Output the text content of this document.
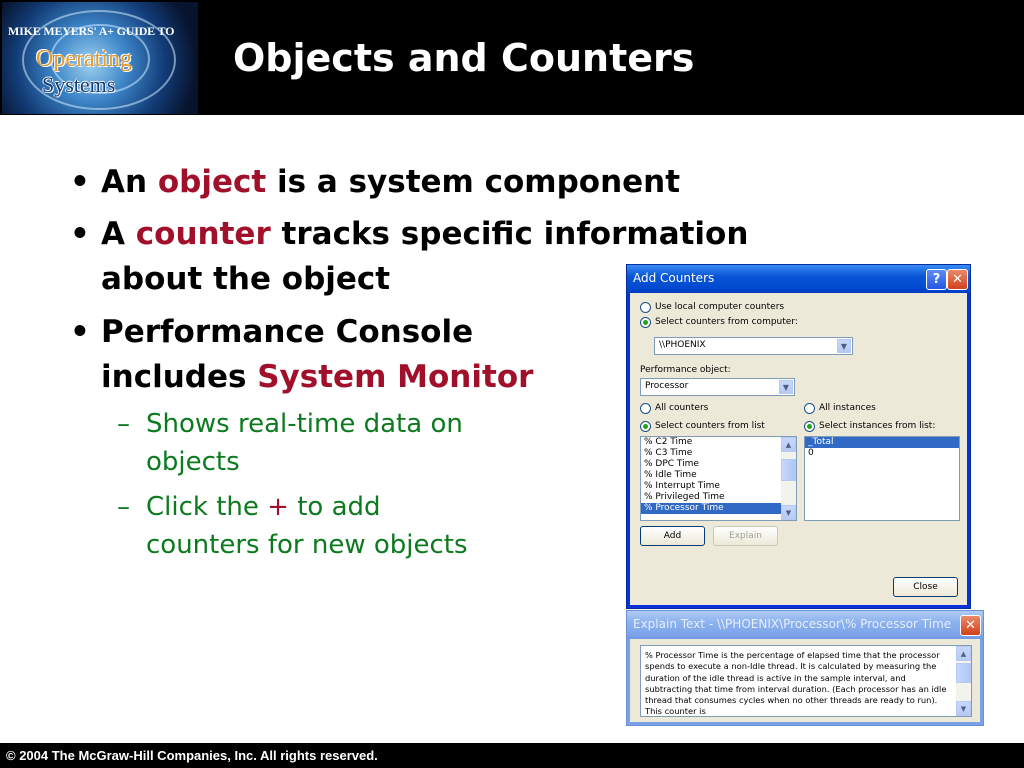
MIKE MEYERS' A+ GUIDE TO
Operating
Systems
Objects and Counters
• An object is a system component
• A counter tracks specific information
about the object
• Performance Console
includes System Monitor
– Shows real-time data on
objects
– Click the + to add
counters for new objects
Add Counters	? ✕
Use local computer counters
Select counters from computer:
\\PHOENIX	▼
Performance object:
Processor	▼
All counters
Select counters from list
All instances
Select instances from list:
% C2 Time
% C3 Time
% DPC Time
% Idle Time
% Interrupt Time
% Privileged Time
% Processor Time
▲
▼
_Total
0
Add	Explain
Close
Explain Text - \\PHOENIX\Processor\% Processor Time	✕
% Processor Time is the percentage of elapsed time that the processor spends to execute a non-Idle thread. It is calculated by measuring the duration of the idle thread is active in the sample interval, and subtracting that time from interval duration. (Each processor has an idle thread that consumes cycles when no other threads are ready to run). This counter is
▲
▼
© 2004 The McGraw-Hill Companies, Inc. All rights reserved.
